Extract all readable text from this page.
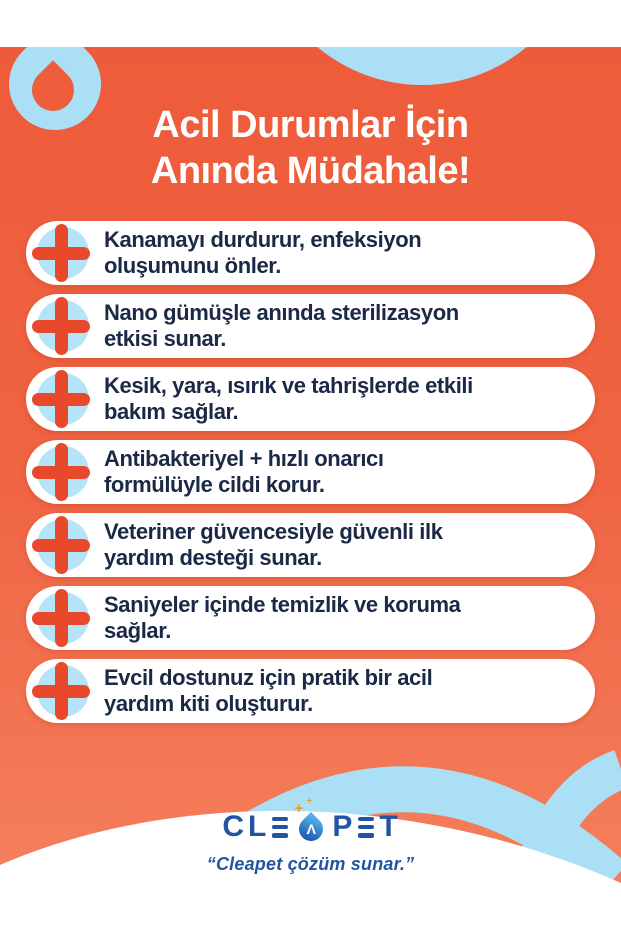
Acil Durumlar İçin
Anında Müdahale!
Kanamayı durdurur, enfeksiyon
oluşumunu önler.
Nano gümüşle anında sterilizasyon
etkisi sunar.
Kesik, yara, ısırık ve tahrişlerde etkili
bakım sağlar.
Antibakteriyel + hızlı onarıcı
formülüyle cildi korur.
Veteriner güvencesiyle güvenli ilk
yardım desteği sunar.
Saniyeler içinde temizlik ve koruma
sağlar.
Evcil dostunuz için pratik bir acil
yardım kiti oluşturur.
C L
+ +
Λ P T
“Cleapet çözüm sunar.”
